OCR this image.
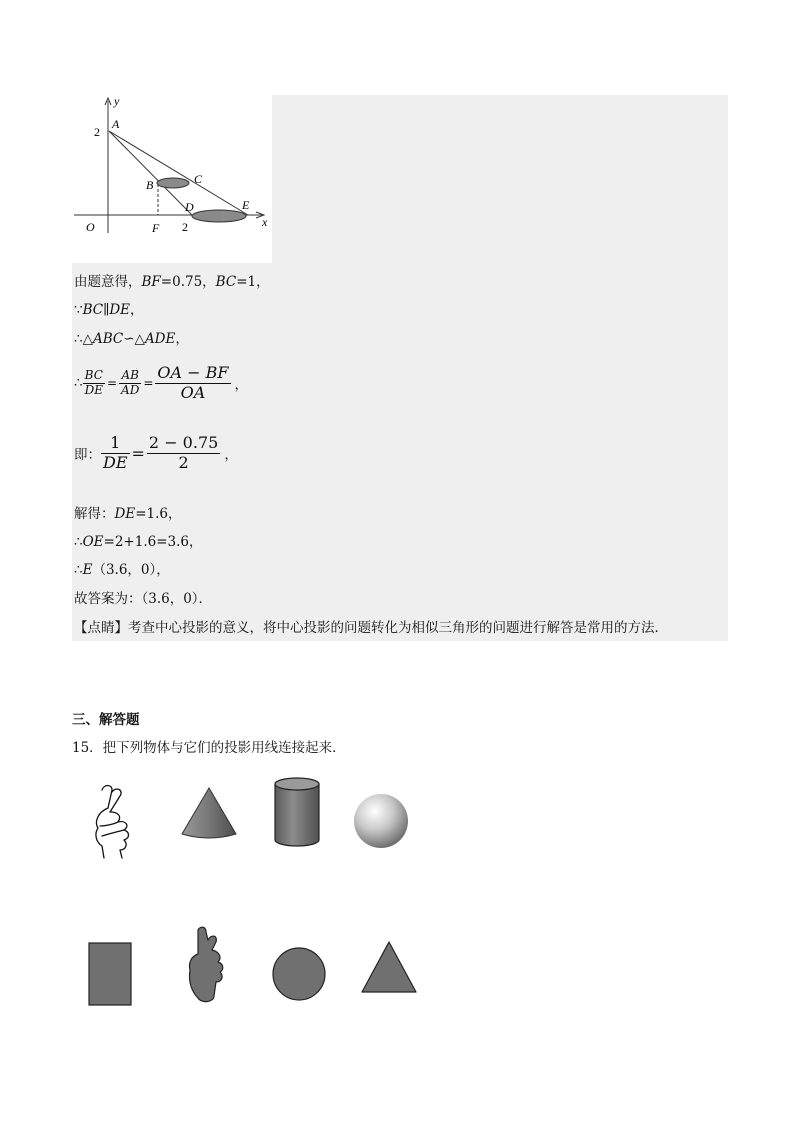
y
x
A
2
B	C
D	E
F 2
O
由题意得，BF=0.75，BC=1，
∵BC∥DE，
∴△ABC∽△ADE，
∴ $\frac{BC}{DE} = \frac{AB}{AD} = \frac{OA - BF}{OA}$ ，
即： $\frac{1}{DE} = \frac{2 - 0.75}{2}$ ，
解得：DE=1.6，
∴OE=2+1.6=3.6，
∴E（3.6，0），
故答案为：（3.6，0）．
【点睛】考查中心投影的意义，将中心投影的问题转化为相似三角形的问题进行解答是常用的方法．
三、解答题
15．把下列物体与它们的投影用线连接起来．
